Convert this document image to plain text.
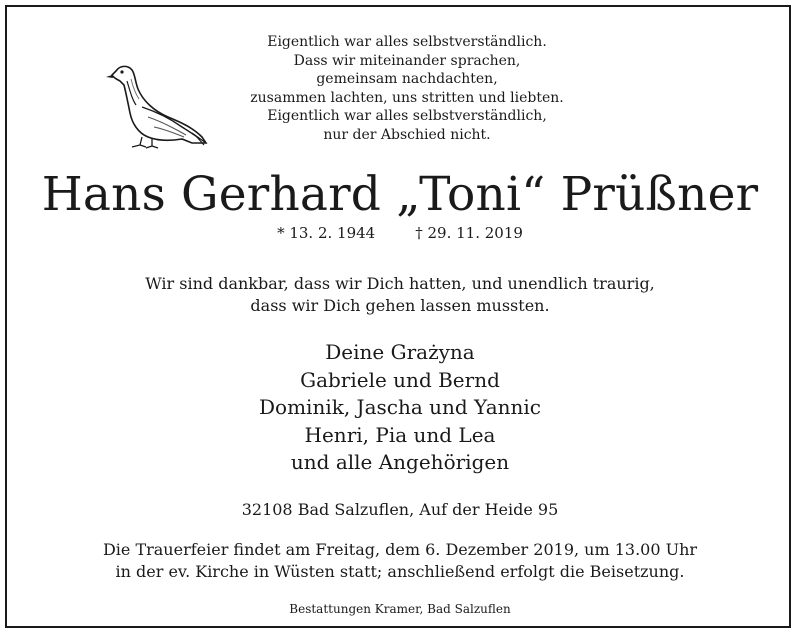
Eigentlich war alles selbstverständlich.
Dass wir miteinander sprachen,
gemeinsam nachdachten,
zusammen lachten, uns stritten und liebten.
Eigentlich war alles selbstverständlich,
nur der Abschied nicht.
Hans Gerhard „Toni“ Prüßner
* 13. 2. 1944	† 29. 11. 2019
Wir sind dankbar, dass wir Dich hatten, und unendlich traurig,
dass wir Dich gehen lassen mussten.
Deine Grażyna
Gabriele und Bernd
Dominik, Jascha und Yannic
Henri, Pia und Lea
und alle Angehörigen
32108 Bad Salzuflen, Auf der Heide 95
Die Trauerfeier findet am Freitag, dem 6. Dezember 2019, um 13.00 Uhr
in der ev. Kirche in Wüsten statt; anschließend erfolgt die Beisetzung.
Bestattungen Kramer, Bad Salzuflen
